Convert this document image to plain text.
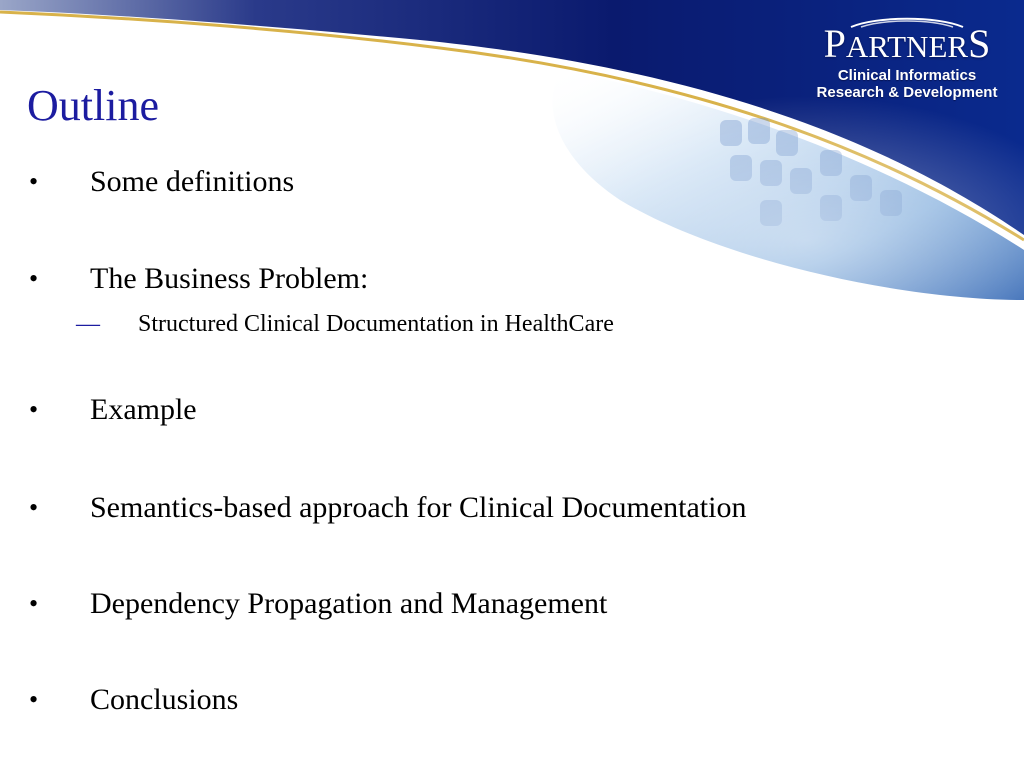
PARTNERS
Clinical Informatics
Research & Development
Outline
•	Some definitions
•	The Business Problem:
— Structured Clinical Documentation in HealthCare
•	Example
•	Semantics-based approach for Clinical Documentation
•	Dependency Propagation and Management
•	Conclusions
